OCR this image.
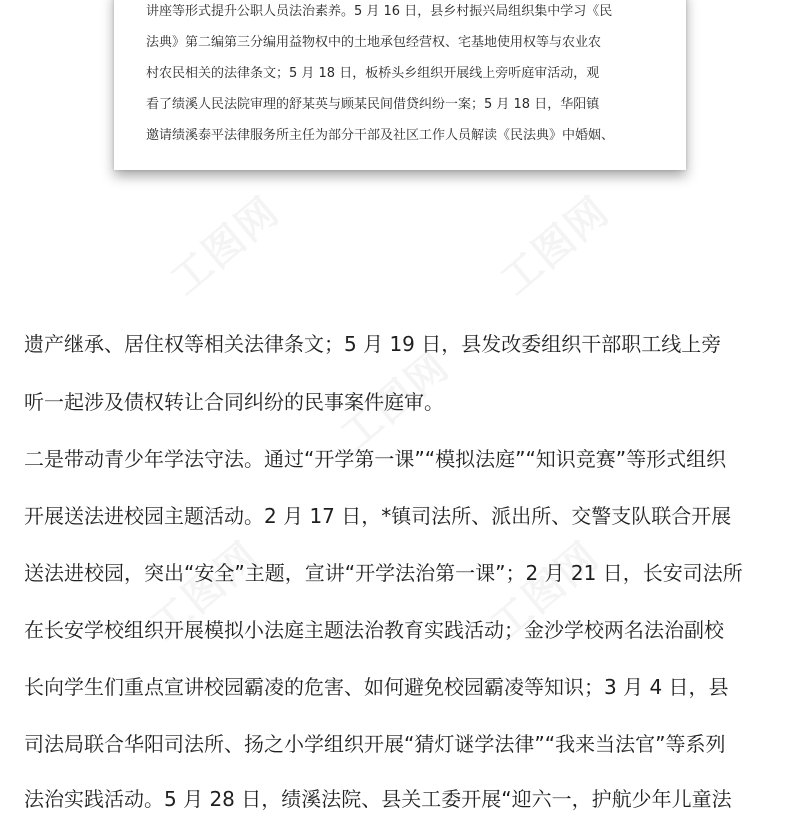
讲座等形式提升公职人员法治素养。5 月 16 日，县乡村振兴局组织集中学习《民
法典》第二编第三分编用益物权中的土地承包经营权、宅基地使用权等与农业农
村农民相关的法律条文；5 月 18 日，板桥头乡组织开展线上旁听庭审活动，观
看了绩溪人民法院审理的舒某英与顾某民间借贷纠纷一案；5 月 18 日，华阳镇
邀请绩溪泰平法律服务所主任为部分干部及社区工作人员解读《民法典》中婚姻、
工图网	工图网
工图网
工图网	工图网
遗产继承、居住权等相关法律条文；5 月 19 日，县发改委组织干部职工线上旁
听一起涉及债权转让合同纠纷的民事案件庭审。
二是带动青少年学法守法。通过“开学第一课”“模拟法庭”“知识竞赛”等形式组织
开展送法进校园主题活动。2 月 17 日，*镇司法所、派出所、交警支队联合开展
送法进校园，突出“安全”主题，宣讲“开学法治第一课”；2 月 21 日，长安司法所
在长安学校组织开展模拟小法庭主题法治教育实践活动；金沙学校两名法治副校
长向学生们重点宣讲校园霸凌的危害、如何避免校园霸凌等知识；3 月 4 日，县
司法局联合华阳司法所、扬之小学组织开展“猜灯谜学法律”“我来当法官”等系列
法治实践活动。5 月 28 日，绩溪法院、县关工委开展“迎六一，护航少年儿童法
